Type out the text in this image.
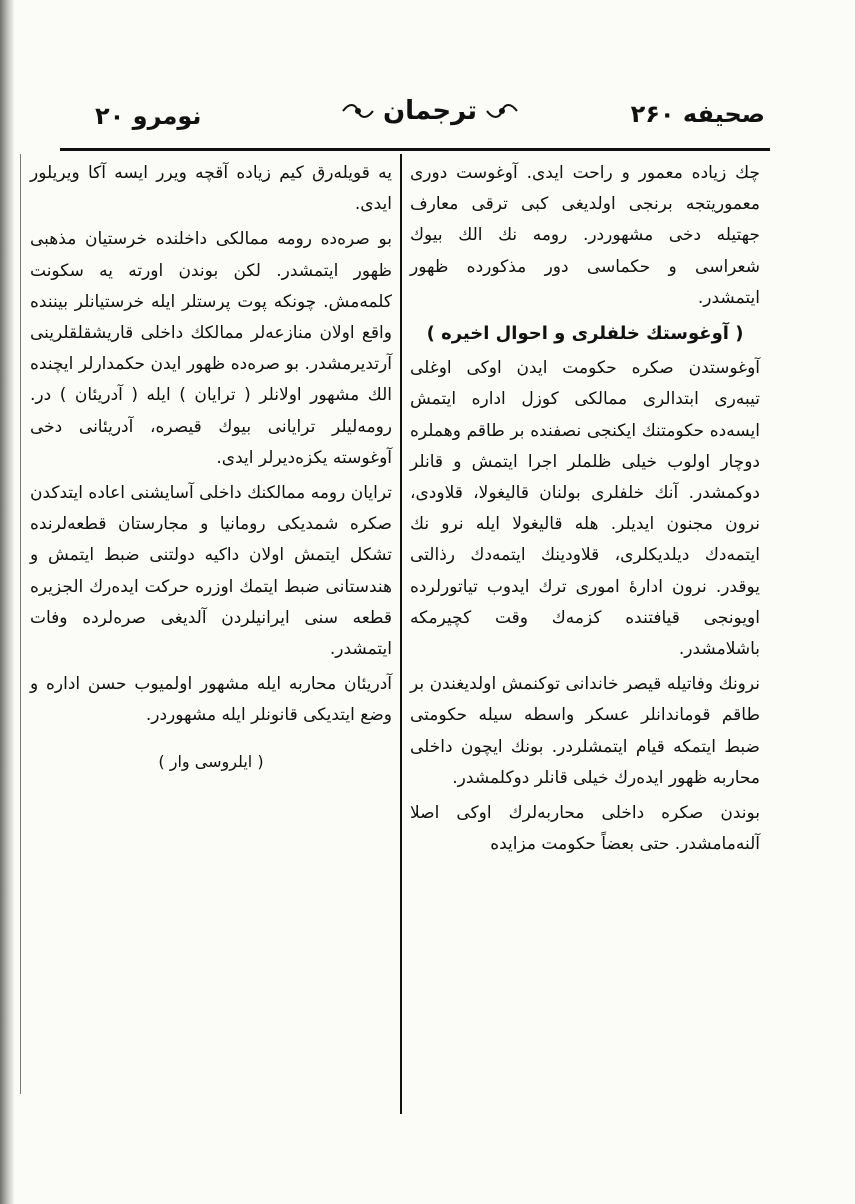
صحیفه ۲۶۰
ترجمان
نومرو ۲۰

چك زیاده معمور و راحت ایدی. آوغوست دوری معموریتجه برنجی اولدیغی کبی ترقی معارف جهتیله دخی مشهوردر. رومه نك الك بیوك شعراسی و حکماسی دور مذکورده ظهور ایتمشدر.

( آوغوستك خلفلری و احوال اخیره )

آوغوستدن صکره حکومت ایدن اوکی اوغلی تیبه‌ری ابتدالری ممالکی کوزل اداره ایتمش ایسه‌ده حکومتنك ایکنجی نصفنده بر طاقم وهملره دوچار اولوب خیلی ظلملر اجرا ایتمش و قانلر دوکمشدر. آنك خلفلری بولنان قالیغولا، قلاودی، نرون مجنون ایدیلر. هله قالیغولا ایله نرو نك ایتمه‌دك دیلدیکلری، قلاودینك ایتمه‌دك رذالتی یوقدر. نرون اداره‌ٔ اموری ترك ایدوب تیاتورلرده اویونجی قیافتنده کزمه‌ك وقت کچیرمکه باشلامشدر.

نرونك وفاتیله قیصر خاندانی توکنمش اولدیغندن بر طاقم قوماندانلر عسکر واسطه سیله حکومتی ضبط ایتمکه قیام ایتمشلردر. بونك ایچون داخلی محاربه ظهور ایده‌رك خیلی قانلر دوکلمشدر.

بوندن صکره داخلی محاربه‌لرك اوکی اصلا آلنه‌مامشدر. حتی بعضاً حکومت مزایده

یه قویله‌رق کیم زیاده آقچه ویرر ایسه آکا ویریلور ایدی.

بو صره‌ده رومه ممالکی داخلنده خرستیان مذهبی ظهور ایتمشدر. لکن بوندن اورته یه سکونت کلمه‌مش. چونکه پوت پرستلر ایله خرستیانلر بیننده واقع اولان منازعه‌لر ممالکك داخلی قاریشقلقلرینی آرتدیرمشدر. بو صره‌ده ظهور ایدن حکمدارلر ایچنده الك مشهور اولانلر ( ترایان ) ایله ( آدریئان ) در. رومه‌لیلر ترایانی بیوك قیصره، آدریئانی دخی آوغوسته یکزه‌دیرلر ایدی.

ترایان رومه ممالکنك داخلی آسایشنی اعاده ایتدکدن صکره شمدیکی رومانیا و مجارستان قطعه‌لرنده تشکل ایتمش اولان داکیه دولتنی ضبط ایتمش و هندستانی ضبط ایتمك اوزره حرکت ایده‌رك الجزیره قطعه سنی ایرانیلردن آلدیغی صره‌لرده وفات ایتمشدر.

آدریئان محاربه ایله مشهور اولمیوب حسن اداره و وضع ایتدیکی قانونلر ایله مشهوردر.

( ایلروسی وار )
